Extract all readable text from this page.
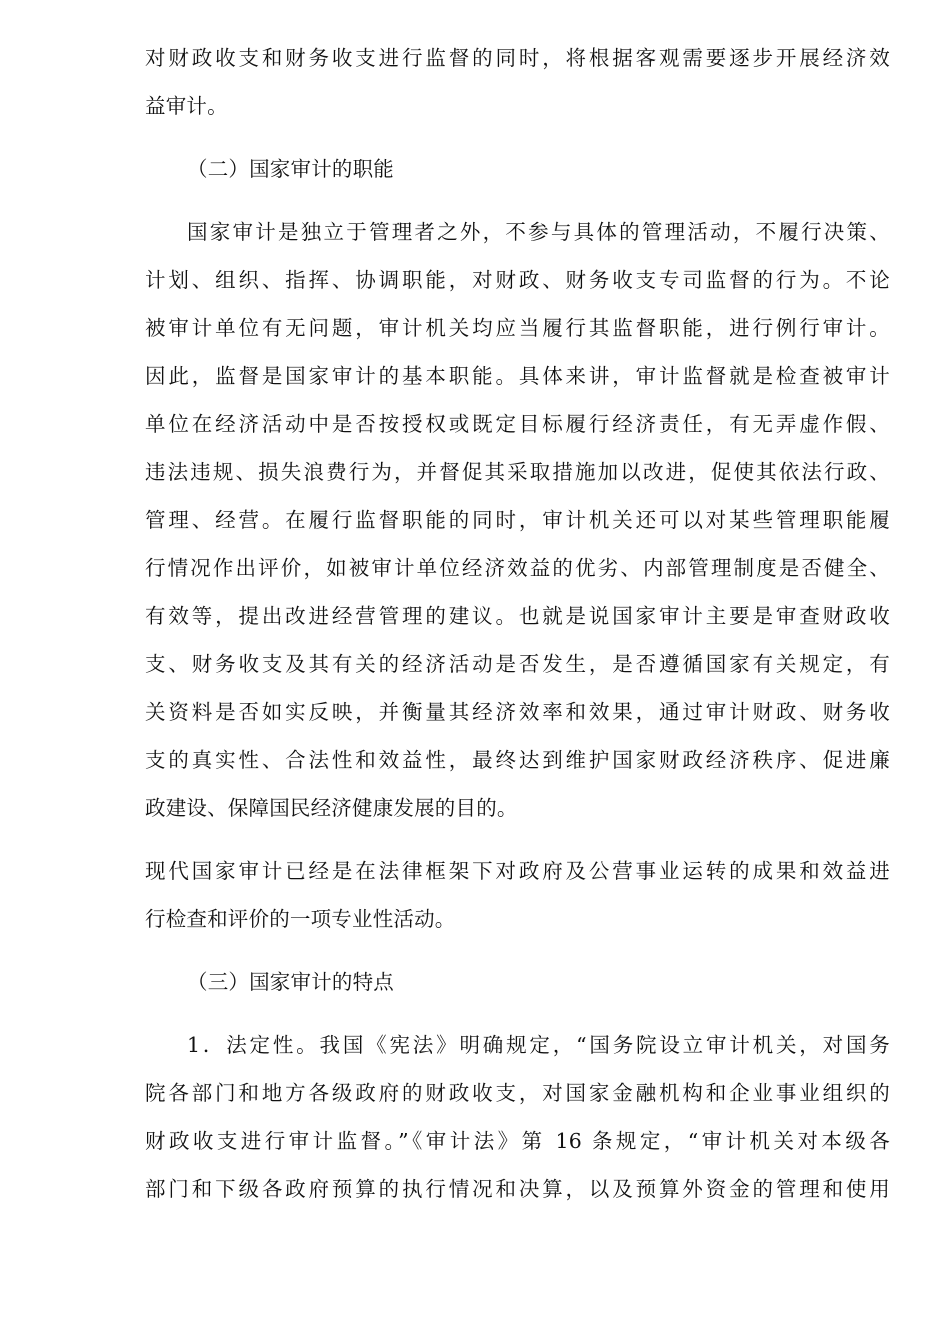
对财政收支和财务收支进行监督的同时，将根据客观需要逐步开展经济效
益审计。
（二）国家审计的职能
国家审计是独立于管理者之外，不参与具体的管理活动，不履行决策、
计划、组织、指挥、协调职能，对财政、财务收支专司监督的行为。不论
被审计单位有无问题，审计机关均应当履行其监督职能，进行例行审计。
因此，监督是国家审计的基本职能。具体来讲，审计监督就是检查被审计
单位在经济活动中是否按授权或既定目标履行经济责任，有无弄虚作假、
违法违规、损失浪费行为，并督促其采取措施加以改进，促使其依法行政、
管理、经营。在履行监督职能的同时，审计机关还可以对某些管理职能履
行情况作出评价，如被审计单位经济效益的优劣、内部管理制度是否健全、
有效等，提出改进经营管理的建议。也就是说国家审计主要是审查财政收
支、财务收支及其有关的经济活动是否发生，是否遵循国家有关规定，有
关资料是否如实反映，并衡量其经济效率和效果，通过审计财政、财务收
支的真实性、合法性和效益性，最终达到维护国家财政经济秩序、促进廉
政建设、保障国民经济健康发展的目的。
现代国家审计已经是在法律框架下对政府及公营事业运转的成果和效益进
行检查和评价的一项专业性活动。
（三）国家审计的特点
1．法定性。我国《宪法》明确规定，“国务院设立审计机关，对国务
院各部门和地方各级政府的财政收支，对国家金融机构和企业事业组织的
财政收支进行审计监督。”《审计法》第 16 条规定，“审计机关对本级各
部门和下级各政府预算的执行情况和决算，以及预算外资金的管理和使用
